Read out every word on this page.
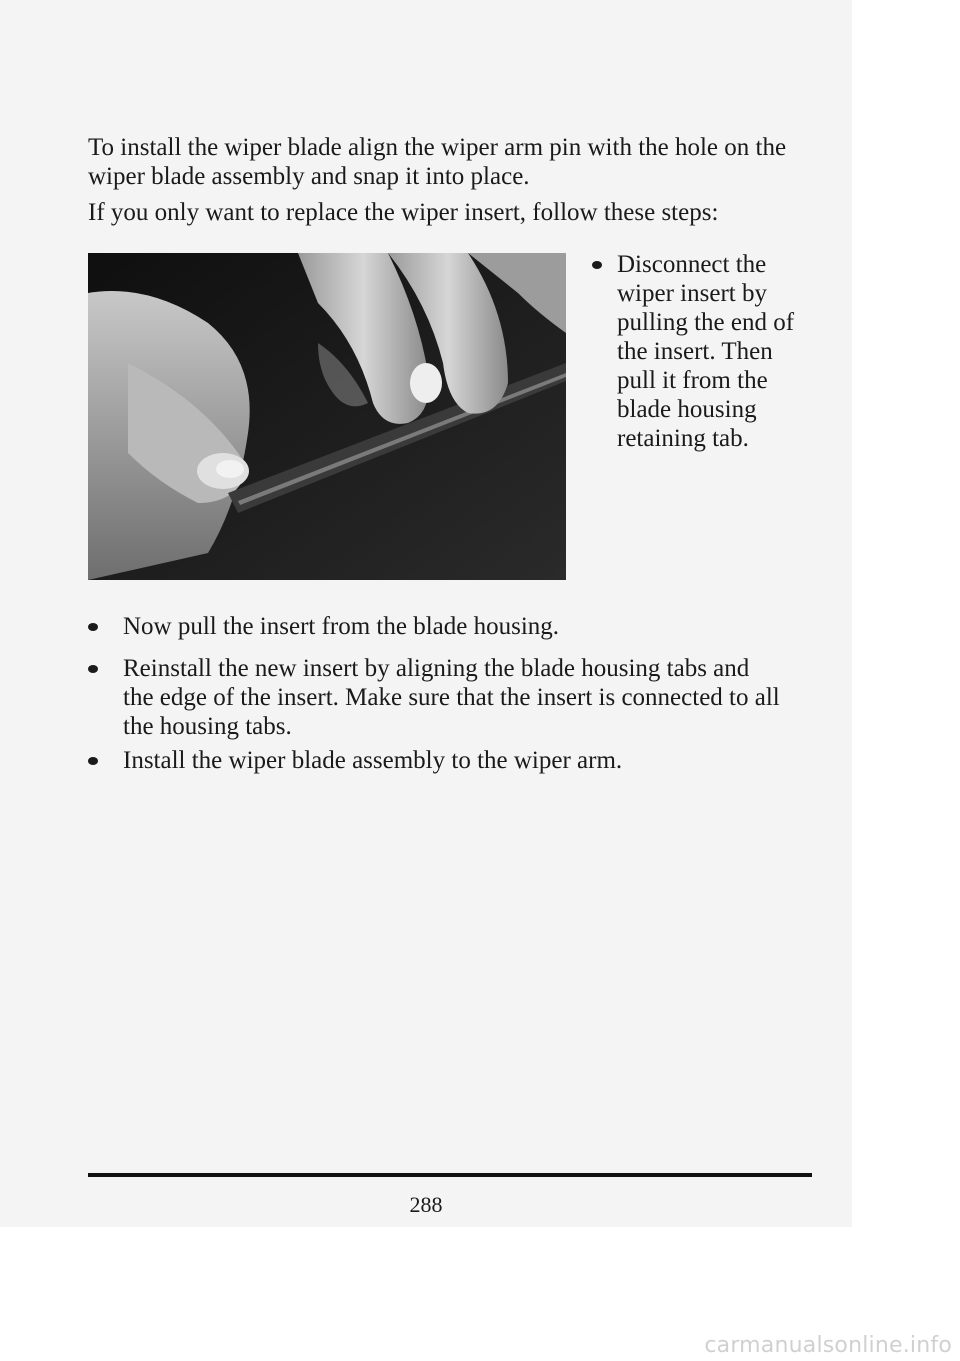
To install the wiper blade align the wiper arm pin with the hole on the wiper blade assembly and snap it into place.
If you only want to replace the wiper insert, follow these steps:
Disconnect the wiper insert by pulling the end of the insert. Then pull it from the blade housing retaining tab.
Now pull the insert from the blade housing.
Reinstall the new insert by aligning the blade housing tabs and the edge of the insert. Make sure that the insert is connected to all the housing tabs.
Install the wiper blade assembly to the wiper arm.
288
carmanualsonline.info
